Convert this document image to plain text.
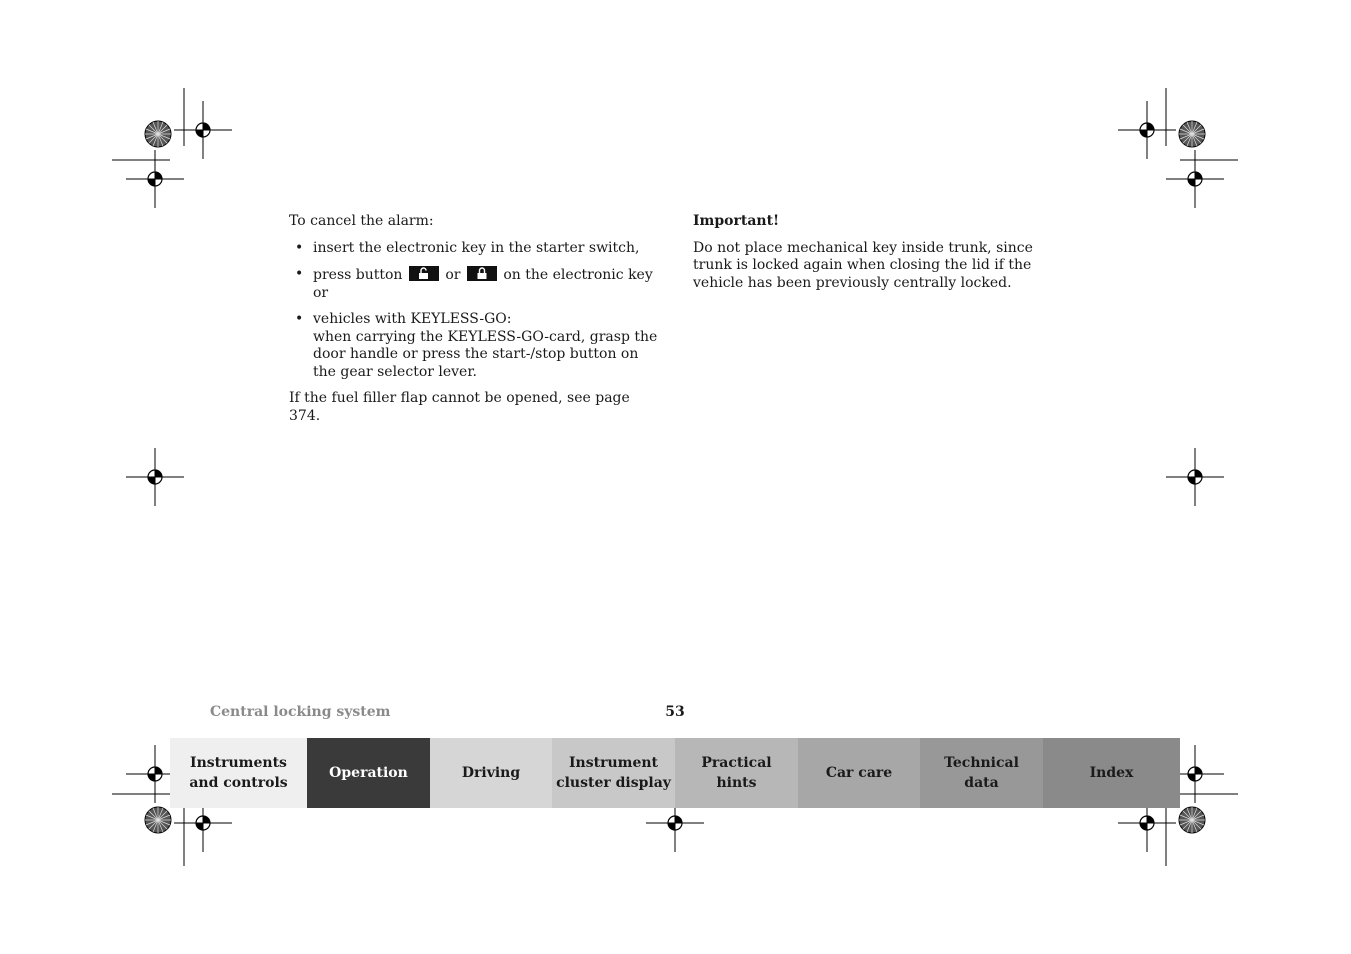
To cancel the alarm:

• insert the electronic key in the starter switch,
• press button	or	on the electronic key or
• vehicles with KEYLESS-GO:
when carrying the KEYLESS-GO-card, grasp the door handle or press the start-/stop button on the gear selector lever.

If the fuel filler flap cannot be opened, see page 374.

Important!

Do not place mechanical key inside trunk, since trunk is locked again when closing the lid if the vehicle has been previously centrally locked.

Central locking system	53
Instruments
and controls
Operation	Driving
Instrument
cluster display
Practical hints
Car care
Technical
data
Index
